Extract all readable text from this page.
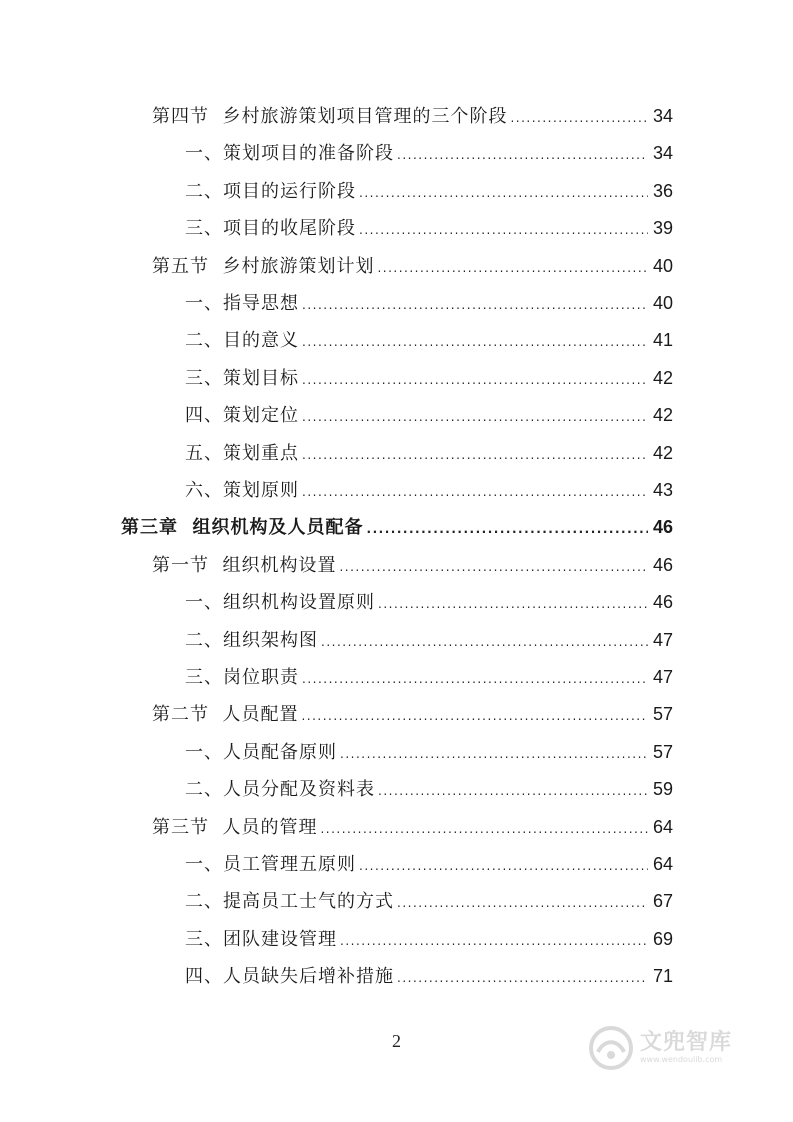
第四节 乡村旅游策划项目管理的三个阶段 .....	34
一、 策划项目的准备阶段 .....	34
二、 项目的运行阶段 .....	36
三、 项目的收尾阶段 .....	39
第五节 乡村旅游策划计划 .....	40
一、 指导思想 .....	40
二、 目的意义 .....	41
三、 策划目标 .....	42
四、 策划定位 .....	42
五、 策划重点 .....	42
六、 策划原则 .....	43
第三章 组织机构及人员配备 .....	46
第一节 组织机构设置 .....	46
一、 组织机构设置原则 .....	46
二、 组织架构图 .....	47
三、 岗位职责 .....	47
第二节 人员配置 .....	57
一、 人员配备原则 .....	57
二、 人员分配及资料表 .....	59
第三节 人员的管理 .....	64
一、 员工管理五原则 .....	64
二、 提高员工士气的方式 .....	67
三、 团队建设管理 .....	69
四、 人员缺失后增补措施 .....	71
2	文兜智库
www.wendoulib.com
